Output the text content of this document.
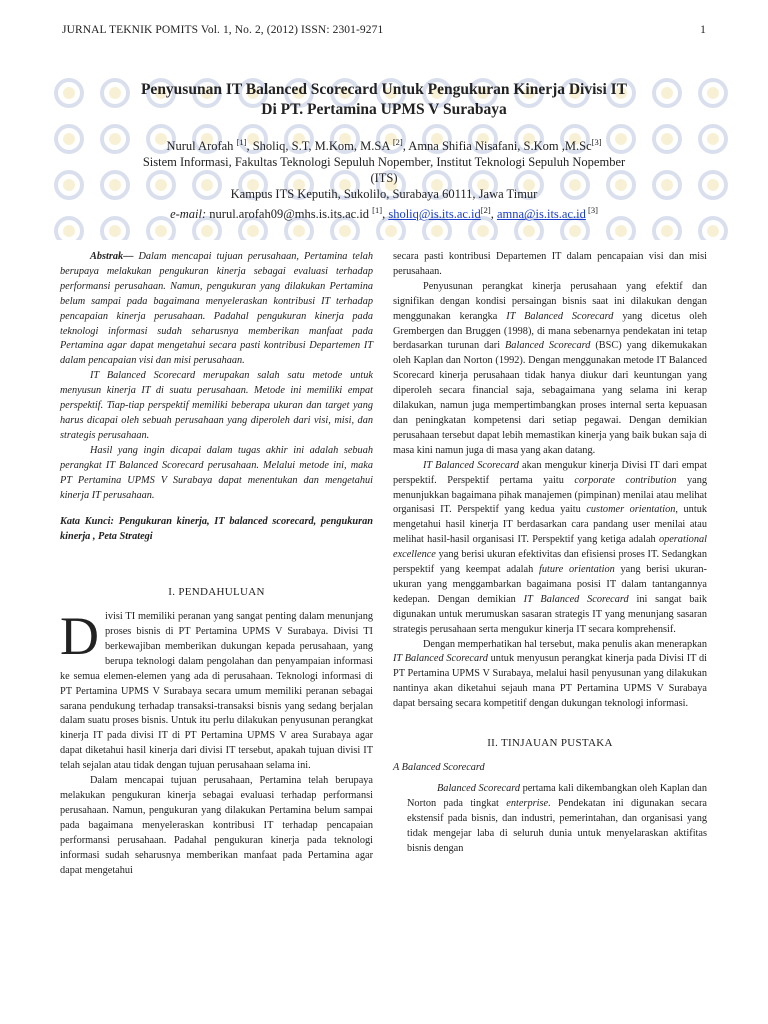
JURNAL TEKNIK POMITS Vol. 1, No. 2, (2012) ISSN: 2301-9271	1
Penyusunan IT Balanced Scorecard Untuk Pengukuran Kinerja Divisi IT
Di PT. Pertamina UPMS V Surabaya
Nurul Arofah [1], Sholiq, S.T, M.Kom, M.SA [2], Amna Shifia Nisafani, S.Kom ,M.Sc[3]
Sistem Informasi, Fakultas Teknologi Sepuluh Nopember, Institut Teknologi Sepuluh Nopember
(ITS)
Kampus ITS Keputih, Sukolilo, Surabaya 60111, Jawa Timur
e-mail: nurul.arofah09@mhs.is.its.ac.id [1], sholiq@is.its.ac.id[2], amna@is.its.ac.id [3]

Abstrak— Dalam mencapai tujuan perusahaan, Pertamina telah berupaya melakukan pengukuran kinerja sebagai evaluasi terhadap performansi perusahaan. Namun, pengukuran yang dilakukan Pertamina belum sampai pada bagaimana menyeleraskan kontribusi IT terhadap pencapaian kinerja perusahaan. Padahal pengukuran kinerja pada teknologi informasi sudah seharusnya memberikan manfaat pada Pertamina agar dapat mengetahui secara pasti kontribusi Departemen IT dalam pencapaian visi dan misi perusahaan.

IT Balanced Scorecard merupakan salah satu metode untuk menyusun kinerja IT di suatu perusahaan. Metode ini memiliki empat perspektif. Tiap-tiap perspektif memiliki beberapa ukuran dan target yang harus dicapai oleh sebuah perusahaan yang diperoleh dari visi, misi, dan strategis perusahaan.

Hasil yang ingin dicapai dalam tugas akhir ini adalah sebuah perangkat IT Balanced Scorecard perusahaan. Melalui metode ini, maka PT Pertamina UPMS V Surabaya dapat menentukan dan mengetahui kinerja IT perusahaan.

Kata Kunci: Pengukuran kinerja, IT balanced scorecard, pengukuran kinerja , Peta Strategi

I. PENDAHULUAN

Divisi TI memiliki peranan yang sangat penting dalam menunjang proses bisnis di PT Pertamina UPMS V Surabaya. Divisi TI berkewajiban memberikan dukungan kepada perusahaan, yang berupa teknologi dalam pengolahan dan penyampaian informasi ke semua elemen-elemen yang ada di perusahaan. Teknologi informasi di PT Pertamina UPMS V Surabaya secara umum memiliki peranan sebagai sarana pendukung terhadap transaksi-transaksi bisnis yang sedang berjalan dalam suatu proses bisnis. Untuk itu perlu dilakukan penyusunan perangkat kinerja IT pada divisi IT di PT Pertamina UPMS V area Surabaya agar dapat diketahui hasil kinerja dari divisi IT tersebut, apakah tujuan divisi IT telah sejalan atau tidak dengan tujuan perusahaan selama ini.

Dalam mencapai tujuan perusahaan, Pertamina telah berupaya melakukan pengukuran kinerja sebagai evaluasi terhadap performansi perusahaan. Namun, pengukuran yang dilakukan Pertamina belum sampai pada bagaimana menyeleraskan kontribusi IT terhadap pencapaian performansi perusahaan. Padahal pengukuran kinerja pada teknologi informasi sudah seharusnya memberikan manfaat pada Pertamina agar dapat mengetahui

secara pasti kontribusi Departemen IT dalam pencapaian visi dan misi perusahaan.

Penyusunan perangkat kinerja perusahaan yang efektif dan signifikan dengan kondisi persaingan bisnis saat ini dilakukan dengan menggunakan kerangka IT Balanced Scorecard yang dicetus oleh Grembergen dan Bruggen (1998), di mana sebenarnya pendekatan ini tetap berdasarkan turunan dari Balanced Scorecard (BSC) yang dikemukakan oleh Kaplan dan Norton (1992). Dengan menggunakan metode IT Balanced Scorecard kinerja perusahaan tidak hanya diukur dari keuntungan yang diperoleh secara financial saja, sebagaimana yang selama ini kerap dilakukan, namun juga mempertimbangkan proses internal serta kepuasan dan peningkatan kompetensi dari setiap pegawai. Dengan demikian perusahaan tersebut dapat lebih memastikan kinerja yang baik bukan saja di masa kini namun juga di masa yang akan datang.

IT Balanced Scorecard akan mengukur kinerja Divisi IT dari empat perspektif. Perspektif pertama yaitu corporate contribution yang menunjukkan bagaimana pihak manajemen (pimpinan) menilai atau melihat organisasi IT. Perspektif yang kedua yaitu customer orientation, untuk mengetahui hasil kinerja IT berdasarkan cara pandang user menilai atau melihat hasil-hasil organisasi IT. Perspektif yang ketiga adalah operational excellence yang berisi ukuran efektivitas dan efisiensi proses IT. Sedangkan perspektif yang keempat adalah future orientation yang berisi ukuran-ukuran yang menggambarkan bagaimana posisi IT dalam tantangannya kedepan. Dengan demikian IT Balanced Scorecard ini sangat baik digunakan untuk merumuskan sasaran strategis IT yang menunjang sasaran strategis perusahaan serta mengukur kinerja IT secara komprehensif.

Dengan memperhatikan hal tersebut, maka penulis akan menerapkan IT Balanced Scorecard untuk menyusun perangkat kinerja pada Divisi IT di PT Pertamina UPMS V Surabaya, melalui hasil penyusunan yang dilakukan nantinya akan diketahui sejauh mana PT Pertamina UPMS V Surabaya dapat bersaing secara kompetitif dengan dukungan teknologi informasi.

II. TINJAUAN PUSTAKA

A Balanced Scorecard

Balanced Scorecard pertama kali dikembangkan oleh Kaplan dan Norton pada tingkat enterprise. Pendekatan ini digunakan secara ekstensif pada bisnis, dan industri, pemerintahan, dan organisasi yang tidak mengejar laba di seluruh dunia untuk menyelaraskan aktifitas bisnis dengan
